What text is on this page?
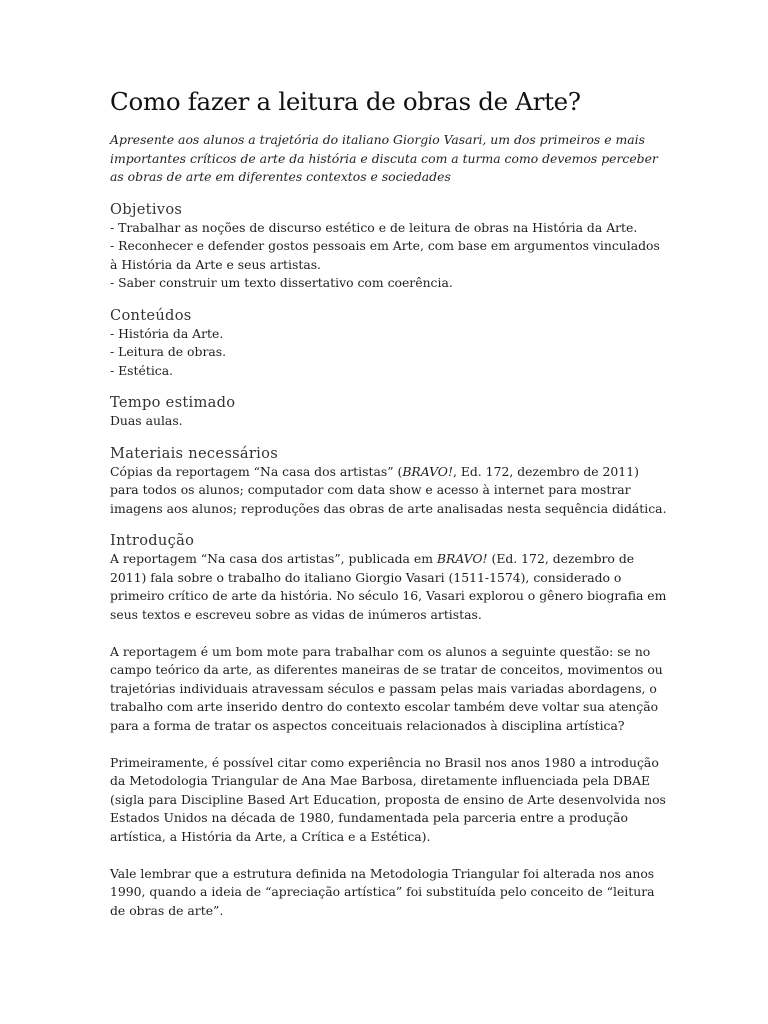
Como fazer a leitura de obras de Arte?

Apresente aos alunos a trajetória do italiano Giorgio Vasari, um dos primeiros e mais importantes críticos de arte da história e discuta com a turma como devemos perceber as obras de arte em diferentes contextos e sociedades

Objetivos
- Trabalhar as noções de discurso estético e de leitura de obras na História da Arte.
- Reconhecer e defender gostos pessoais em Arte, com base em argumentos vinculados à História da Arte e seus artistas.
- Saber construir um texto dissertativo com coerência.
Conteúdos
- História da Arte.
- Leitura de obras.
- Estética.
Tempo estimado
Duas aulas.
Materiais necessários
Cópias da reportagem “Na casa dos artistas” (BRAVO!, Ed. 172, dezembro de 2011) para todos os alunos; computador com data show e acesso à internet para mostrar imagens aos alunos; reproduções das obras de arte analisadas nesta sequência didática.
Introdução

A reportagem “Na casa dos artistas”, publicada em BRAVO! (Ed. 172, dezembro de 2011) fala sobre o trabalho do italiano Giorgio Vasari (1511-1574), considerado o primeiro crítico de arte da história. No século 16, Vasari explorou o gênero biografia em seus textos e escreveu sobre as vidas de inúmeros artistas.

A reportagem é um bom mote para trabalhar com os alunos a seguinte questão: se no campo teórico da arte, as diferentes maneiras de se tratar de conceitos, movimentos ou trajetórias individuais atravessam séculos e passam pelas mais variadas abordagens, o trabalho com arte inserido dentro do contexto escolar também deve voltar sua atenção para a forma de tratar os aspectos conceituais relacionados à disciplina artística?

Primeiramente, é possível citar como experiência no Brasil nos anos 1980 a introdução da Metodologia Triangular de Ana Mae Barbosa, diretamente influenciada pela DBAE (sigla para Discipline Based Art Education, proposta de ensino de Arte desenvolvida nos Estados Unidos na década de 1980, fundamentada pela parceria entre a produção artística, a História da Arte, a Crítica e a Estética).

Vale lembrar que a estrutura definida na Metodologia Triangular foi alterada nos anos 1990, quando a ideia de “apreciação artística” foi substituída pelo conceito de “leitura de obras de arte”.
